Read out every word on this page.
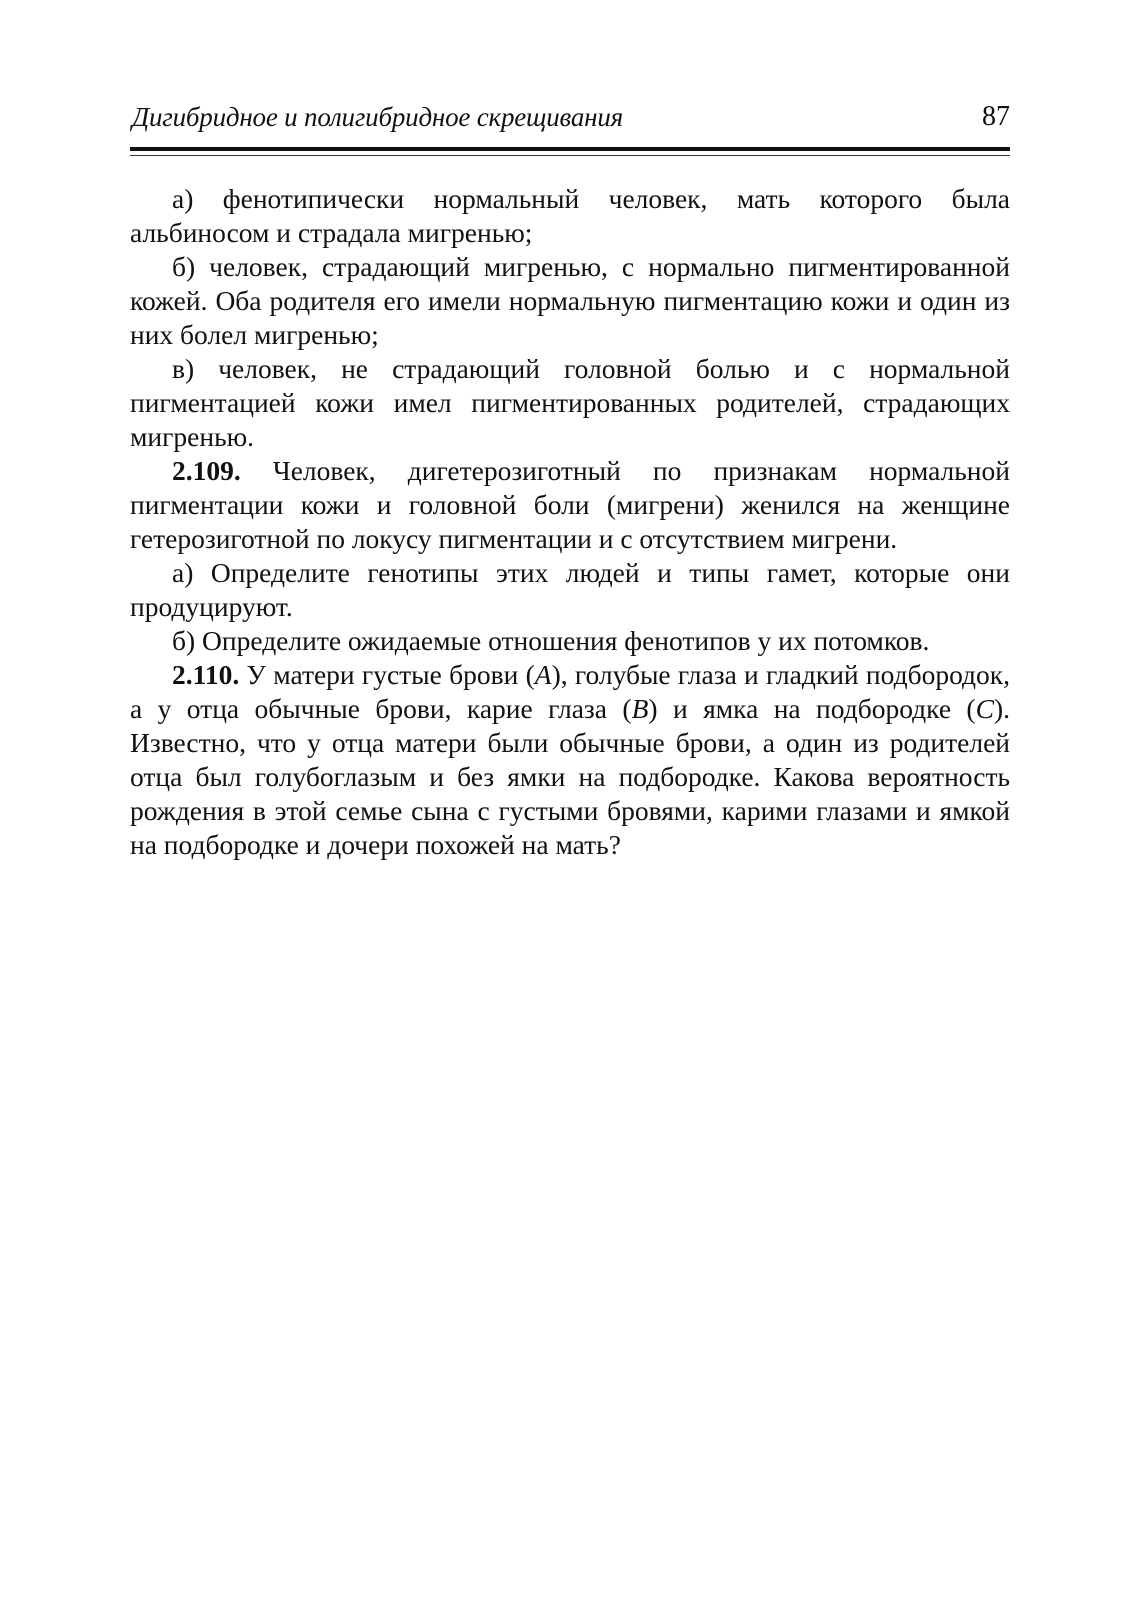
Дигибридное и полигибридное скрещивания	87

а) фенотипически нормальный человек, мать которого была альбиносом и страдала мигренью;

б) человек, страдающий мигренью, с нормально пигментированной кожей. Оба родителя его имели нормальную пигментацию кожи и один из них болел мигренью;

в) человек, не страдающий головной болью и с нормальной пигментацией кожи имел пигментированных родителей, страдающих мигренью.

2.109. Человек, дигетерозиготный по признакам нормальной пигментации кожи и головной боли (мигрени) женился на женщине гетерозиготной по локусу пигментации и с отсутствием мигрени.

а) Определите генотипы этих людей и типы гамет, которые они продуцируют.

б) Определите ожидаемые отношения фенотипов у их потомков.

2.110. У матери густые брови (A), голубые глаза и гладкий подбородок, а у отца обычные брови, карие глаза (B) и ямка на подбородке (C). Известно, что у отца матери были обычные брови, а один из родителей отца был голубоглазым и без ямки на подбородке. Какова вероятность рождения в этой семье сына с густыми бровями, карими глазами и ямкой на подбородке и дочери похожей на мать?
